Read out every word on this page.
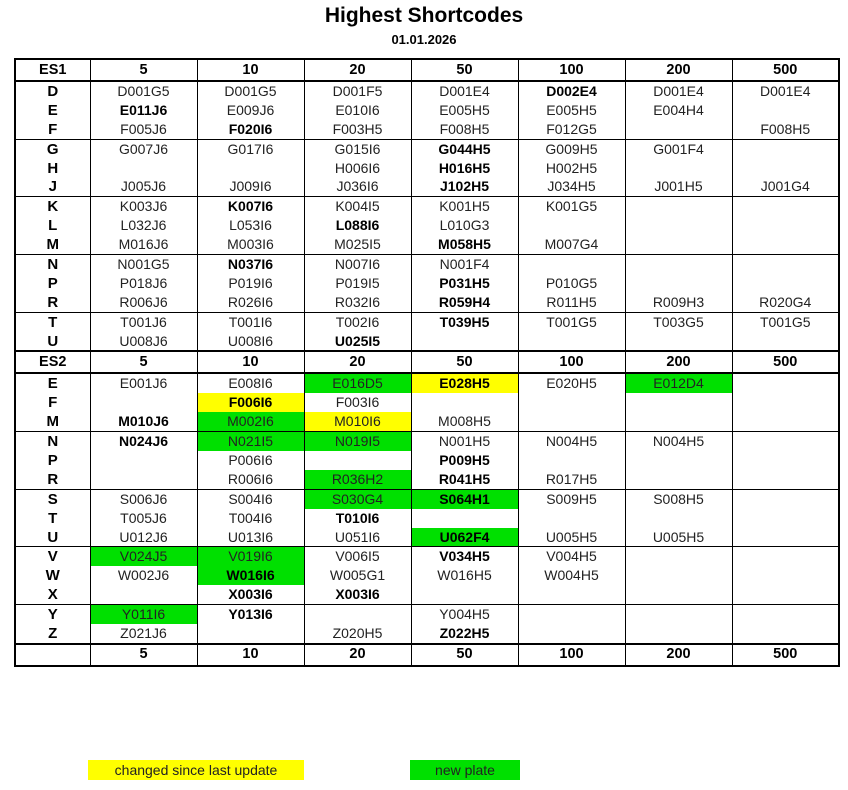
Highest Shortcodes
01.01.2026
ES1	5	10	20	50	100	200	500
D	D001G5	D001G5	D001F5	D001E4	D002E4	D001E4	D001E4
E	E011J6	E009J6	E010I6	E005H5	E005H5	E004H4	
F	F005J6	F020I6	F003H5	F008H5	F012G5		F008H5
G	G007J6	G017I6	G015I6	G044H5	G009H5	G001F4	
H			H006I6	H016H5	H002H5		
J	J005J6	J009I6	J036I6	J102H5	J034H5	J001H5	J001G4
K	K003J6	K007I6	K004I5	K001H5	K001G5		
L	L032J6	L053I6	L088I6	L010G3			
M	M016J6	M003I6	M025I5	M058H5	M007G4		
N	N001G5	N037I6	N007I6	N001F4			
P	P018J6	P019I6	P019I5	P031H5	P010G5		
R	R006J6	R026I6	R032I6	R059H4	R011H5	R009H3	R020G4
T	T001J6	T001I6	T002I6	T039H5	T001G5	T003G5	T001G5
U	U008J6	U008I6	U025I5				
ES2	5	10	20	50	100	200	500
E	E001J6	E008I6	E016D5	E028H5	E020H5	E012D4	
F		F006I6	F003I6				
M	M010J6	M002I6	M010I6	M008H5			
N	N024J6	N021I5	N019I5	N001H5	N004H5	N004H5	
P		P006I6		P009H5			
R		R006I6	R036H2	R041H5	R017H5		
S	S006J6	S004I6	S030G4	S064H1	S009H5	S008H5	
T	T005J6	T004I6	T010I6				
U	U012J6	U013I6	U051I6	U062F4	U005H5	U005H5	
V	V024J5	V019I6	V006I5	V034H5	V004H5		
W	W002J6	W016I6	W005G1	W016H5	W004H5		
X		X003I6	X003I6				
Y	Y011I6	Y013I6		Y004H5			
Z	Z021J6		Z020H5	Z022H5			
	5	10	20	50	100	200	500
changed since last update	new plate
